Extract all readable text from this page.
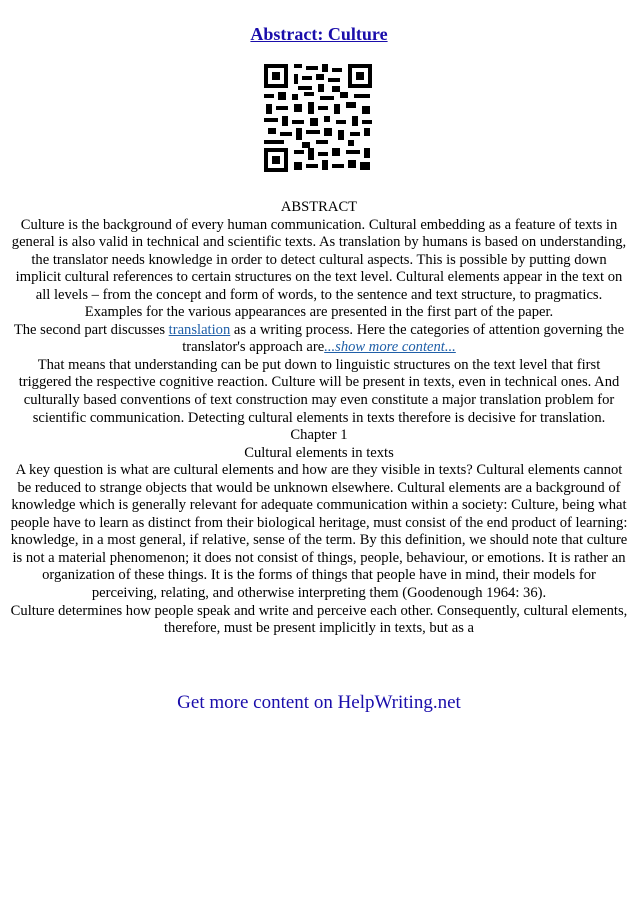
Abstract: Culture

ABSTRACT

Culture is the background of every human communication. Cultural embedding as a feature of texts in general is also valid in technical and scientific texts. As translation by humans is based on understanding, the translator needs knowledge in order to detect cultural aspects. This is possible by putting down implicit cultural references to certain structures on the text level. Cultural elements appear in the text on all levels – from the concept and form of words, to the sentence and text structure, to pragmatics. Examples for the various appearances are presented in the first part of the paper.

The second part discusses translation as a writing process. Here the categories of attention governing the translator's approach are...show more content...

That means that understanding can be put down to linguistic structures on the text level that first triggered the respective cognitive reaction. Culture will be present in texts, even in technical ones. And culturally based conventions of text construction may even constitute a major translation problem for scientific communication. Detecting cultural elements in texts therefore is decisive for translation.

Chapter 1

Cultural elements in texts

A key question is what are cultural elements and how are they visible in texts? Cultural elements cannot be reduced to strange objects that would be unknown elsewhere. Cultural elements are a background of knowledge which is generally relevant for adequate communication within a society: Culture, being what people have to learn as distinct from their biological heritage, must consist of the end product of learning: knowledge, in a most general, if relative, sense of the term. By this definition, we should note that culture is not a material phenomenon; it does not consist of things, people, behaviour, or emotions. It is rather an organization of these things. It is the forms of things that people have in mind, their models for perceiving, relating, and otherwise interpreting them (Goodenough 1964: 36).

Culture determines how people speak and write and perceive each other. Consequently, cultural elements, therefore, must be present implicitly in texts, but as a

Get more content on HelpWriting.net
